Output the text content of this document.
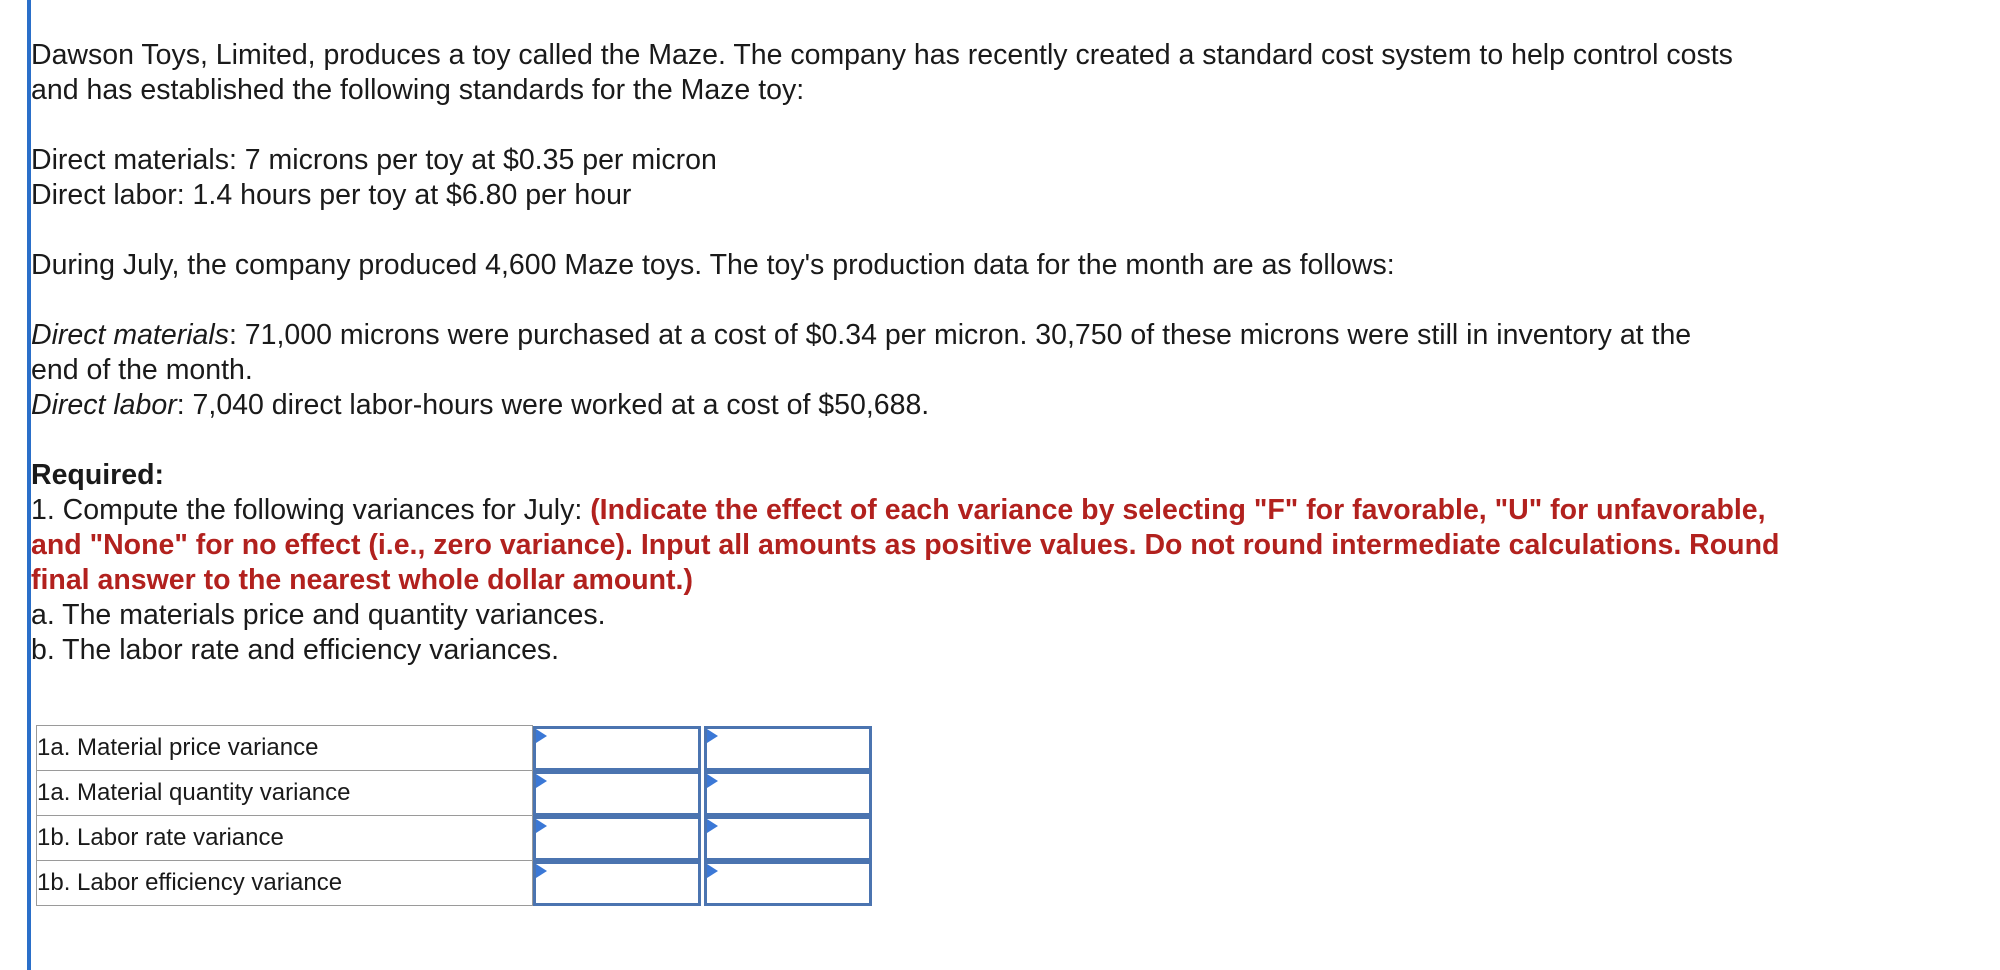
Dawson Toys, Limited, produces a toy called the Maze. The company has recently created a standard cost system to help control costs
and has established the following standards for the Maze toy:

Direct materials: 7 microns per toy at $0.35 per micron
Direct labor: 1.4 hours per toy at $6.80 per hour

During July, the company produced 4,600 Maze toys. The toy's production data for the month are as follows:

Direct materials: 71,000 microns were purchased at a cost of $0.34 per micron. 30,750 of these microns were still in inventory at the
end of the month.
Direct labor: 7,040 direct labor-hours were worked at a cost of $50,688.

Required:
1. Compute the following variances for July: (Indicate the effect of each variance by selecting "F" for favorable, "U" for unfavorable,
and "None" for no effect (i.e., zero variance). Input all amounts as positive values. Do not round intermediate calculations. Round
final answer to the nearest whole dollar amount.)
a. The materials price and quantity variances.
b. The labor rate and efficiency variances.
1a. Material price variance	

1a. Material quantity variance	

1b. Labor rate variance	

1b. Labor efficiency variance	
